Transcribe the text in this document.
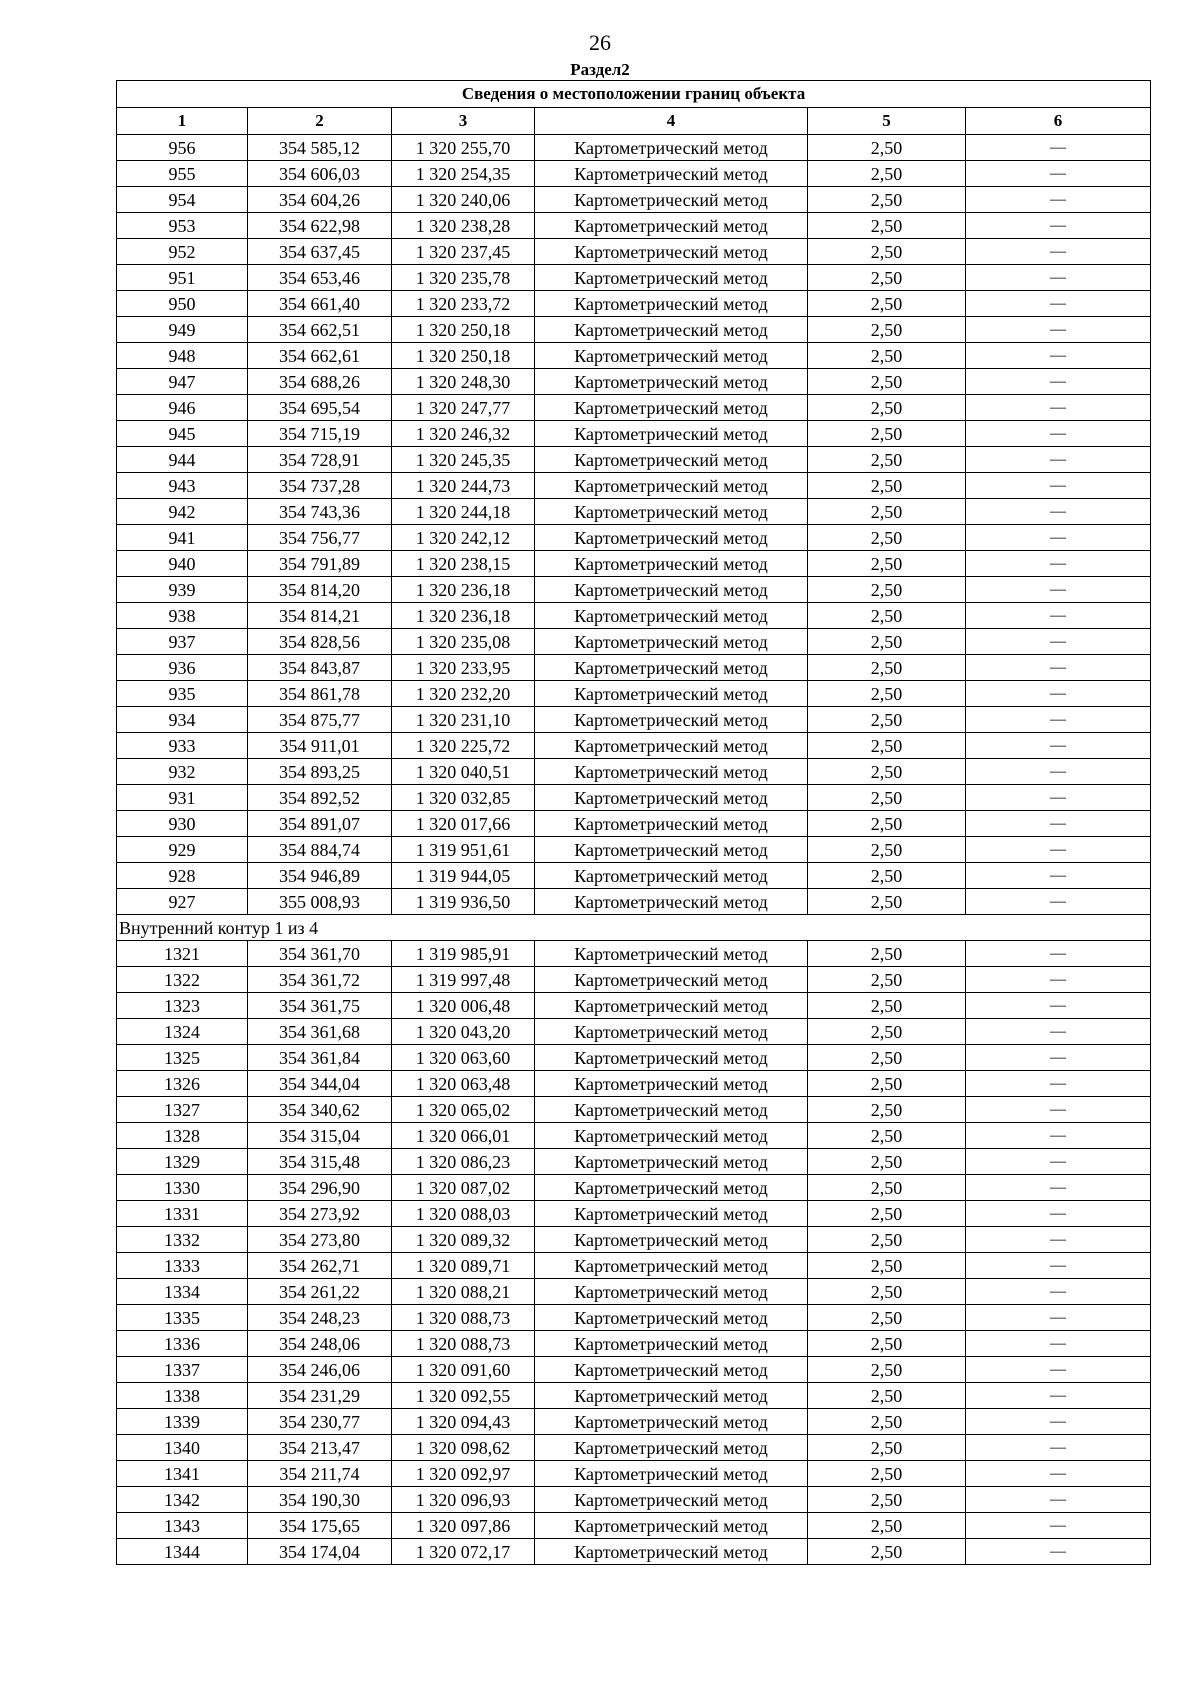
26
Раздел2
Сведения о местоположении границ объекта					
1	2	3	4	5	6
956	354 585,12	1 320 255,70	Картометрический метод	2,50	—
955	354 606,03	1 320 254,35	Картометрический метод	2,50	—
954	354 604,26	1 320 240,06	Картометрический метод	2,50	—
953	354 622,98	1 320 238,28	Картометрический метод	2,50	—
952	354 637,45	1 320 237,45	Картометрический метод	2,50	—
951	354 653,46	1 320 235,78	Картометрический метод	2,50	—
950	354 661,40	1 320 233,72	Картометрический метод	2,50	—
949	354 662,51	1 320 250,18	Картометрический метод	2,50	—
948	354 662,61	1 320 250,18	Картометрический метод	2,50	—
947	354 688,26	1 320 248,30	Картометрический метод	2,50	—
946	354 695,54	1 320 247,77	Картометрический метод	2,50	—
945	354 715,19	1 320 246,32	Картометрический метод	2,50	—
944	354 728,91	1 320 245,35	Картометрический метод	2,50	—
943	354 737,28	1 320 244,73	Картометрический метод	2,50	—
942	354 743,36	1 320 244,18	Картометрический метод	2,50	—
941	354 756,77	1 320 242,12	Картометрический метод	2,50	—
940	354 791,89	1 320 238,15	Картометрический метод	2,50	—
939	354 814,20	1 320 236,18	Картометрический метод	2,50	—
938	354 814,21	1 320 236,18	Картометрический метод	2,50	—
937	354 828,56	1 320 235,08	Картометрический метод	2,50	—
936	354 843,87	1 320 233,95	Картометрический метод	2,50	—
935	354 861,78	1 320 232,20	Картометрический метод	2,50	—
934	354 875,77	1 320 231,10	Картометрический метод	2,50	—
933	354 911,01	1 320 225,72	Картометрический метод	2,50	—
932	354 893,25	1 320 040,51	Картометрический метод	2,50	—
931	354 892,52	1 320 032,85	Картометрический метод	2,50	—
930	354 891,07	1 320 017,66	Картометрический метод	2,50	—
929	354 884,74	1 319 951,61	Картометрический метод	2,50	—
928	354 946,89	1 319 944,05	Картометрический метод	2,50	—
927	355 008,93	1 319 936,50	Картометрический метод	2,50	—
Внутренний контур 1 из 4					
1321	354 361,70	1 319 985,91	Картометрический метод	2,50	—
1322	354 361,72	1 319 997,48	Картометрический метод	2,50	—
1323	354 361,75	1 320 006,48	Картометрический метод	2,50	—
1324	354 361,68	1 320 043,20	Картометрический метод	2,50	—
1325	354 361,84	1 320 063,60	Картометрический метод	2,50	—
1326	354 344,04	1 320 063,48	Картометрический метод	2,50	—
1327	354 340,62	1 320 065,02	Картометрический метод	2,50	—
1328	354 315,04	1 320 066,01	Картометрический метод	2,50	—
1329	354 315,48	1 320 086,23	Картометрический метод	2,50	—
1330	354 296,90	1 320 087,02	Картометрический метод	2,50	—
1331	354 273,92	1 320 088,03	Картометрический метод	2,50	—
1332	354 273,80	1 320 089,32	Картометрический метод	2,50	—
1333	354 262,71	1 320 089,71	Картометрический метод	2,50	—
1334	354 261,22	1 320 088,21	Картометрический метод	2,50	—
1335	354 248,23	1 320 088,73	Картометрический метод	2,50	—
1336	354 248,06	1 320 088,73	Картометрический метод	2,50	—
1337	354 246,06	1 320 091,60	Картометрический метод	2,50	—
1338	354 231,29	1 320 092,55	Картометрический метод	2,50	—
1339	354 230,77	1 320 094,43	Картометрический метод	2,50	—
1340	354 213,47	1 320 098,62	Картометрический метод	2,50	—
1341	354 211,74	1 320 092,97	Картометрический метод	2,50	—
1342	354 190,30	1 320 096,93	Картометрический метод	2,50	—
1343	354 175,65	1 320 097,86	Картометрический метод	2,50	—
1344	354 174,04	1 320 072,17	Картометрический метод	2,50	—
